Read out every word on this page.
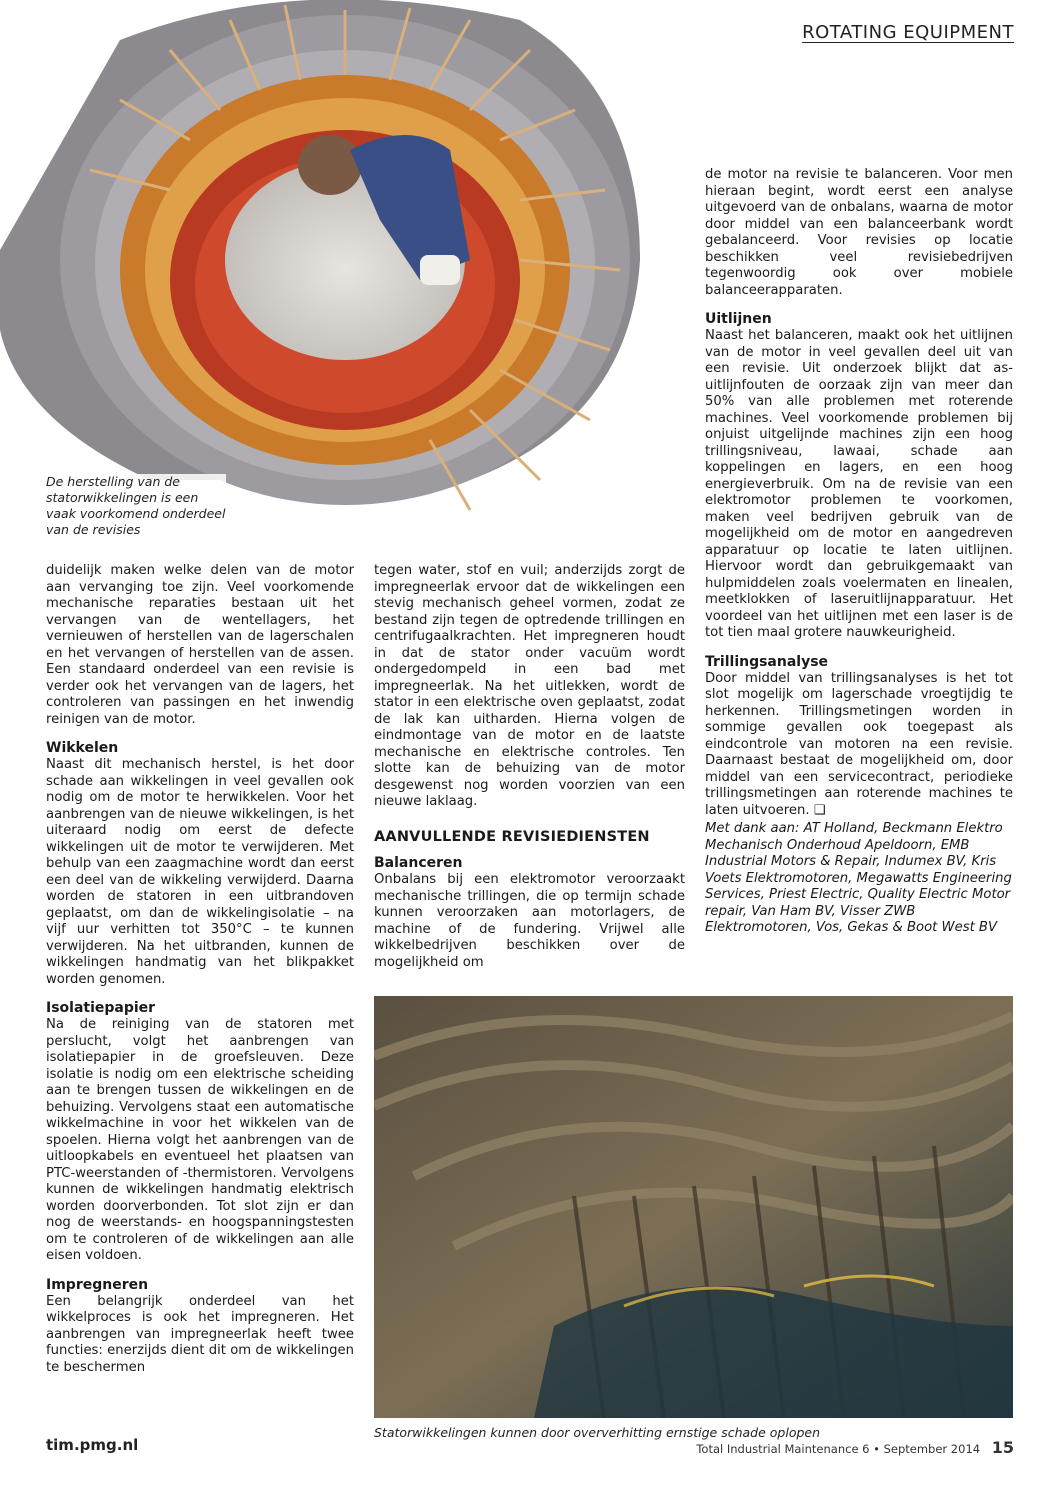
ROTATING EQUIPMENT
De herstelling van de statorwikkelingen is een vaak voorkomend onderdeel van de revisies

duidelijk maken welke delen van de motor aan vervanging toe zijn. Veel voorkomende mechanische reparaties bestaan uit het vervangen van de wentellagers, het vernieuwen of herstellen van de lagerschalen en het vervangen of herstellen van de assen. Een standaard onderdeel van een revisie is verder ook het vervangen van de lagers, het controleren van passingen en het inwendig reinigen van de motor.

Wikkelen

Naast dit mechanisch herstel, is het door schade aan wikkelingen in veel gevallen ook nodig om de motor te herwikkelen. Voor het aanbrengen van de nieuwe wikkelingen, is het uiteraard nodig om eerst de defecte wikkelingen uit de motor te verwijderen. Met behulp van een zaagmachine wordt dan eerst een deel van de wikkeling verwijderd. Daarna worden de statoren in een uitbrandoven geplaatst, om dan de wikkelingisolatie – na vijf uur verhitten tot 350°C – te kunnen verwijderen. Na het uitbranden, kunnen de wikkelingen handmatig van het blikpakket worden genomen.

Isolatiepapier

Na de reiniging van de statoren met perslucht, volgt het aanbrengen van isolatiepapier in de groefsleuven. Deze isolatie is nodig om een elektrische scheiding aan te brengen tussen de wikkelingen en de behuizing. Vervolgens staat een automatische wikkelmachine in voor het wikkelen van de spoelen. Hierna volgt het aanbrengen van de uitloopkabels en eventueel het plaatsen van PTC-weerstanden of -thermistoren. Vervolgens kunnen de wikkelingen handmatig elektrisch worden doorverbonden. Tot slot zijn er dan nog de weerstands- en hoogspanningstesten om te controleren of de wikkelingen aan alle eisen voldoen.

Impregneren

Een belangrijk onderdeel van het wikkelproces is ook het impregneren. Het aanbrengen van impregneerlak heeft twee functies: enerzijds dient dit om de wikkelingen te beschermen

tegen water, stof en vuil; anderzijds zorgt de impregneerlak ervoor dat de wikkelingen een stevig mechanisch geheel vormen, zodat ze bestand zijn tegen de optredende trillingen en centrifugaalkrachten. Het impregneren houdt in dat de stator onder vacuüm wordt ondergedompeld in een bad met impregneerlak. Na het uitlekken, wordt de stator in een elektrische oven geplaatst, zodat de lak kan uitharden. Hierna volgen de eindmontage van de motor en de laatste mechanische en elektrische controles. Ten slotte kan de behuizing van de motor desgewenst nog worden voorzien van een nieuwe laklaag.

AANVULLENDE REVISIEDIENSTEN
Balanceren

Onbalans bij een elektromotor veroorzaakt mechanische trillingen, die op termijn schade kunnen veroorzaken aan motorlagers, de machine of de fundering. Vrijwel alle wikkelbedrijven beschikken over de mogelijkheid om

de motor na revisie te balanceren. Voor men hieraan begint, wordt eerst een analyse uitgevoerd van de onbalans, waarna de motor door middel van een balanceerbank wordt gebalanceerd. Voor revisies op locatie beschikken veel revisiebedrijven tegenwoordig ook over mobiele balanceerapparaten.

Uitlijnen

Naast het balanceren, maakt ook het uitlijnen van de motor in veel gevallen deel uit van een revisie. Uit onderzoek blijkt dat as-uitlijnfouten de oorzaak zijn van meer dan 50% van alle problemen met roterende machines. Veel voorkomende problemen bij onjuist uitgelijnde machines zijn een hoog trillingsniveau, lawaai, schade aan koppelingen en lagers, en een hoog energieverbruik. Om na de revisie van een elektromotor problemen te voorkomen, maken veel bedrijven gebruik van de mogelijkheid om de motor en aangedreven apparatuur op locatie te laten uitlijnen. Hiervoor wordt dan gebruikgemaakt van hulpmiddelen zoals voelermaten en linealen, meetklokken of laseruitlijnapparatuur. Het voordeel van het uitlijnen met een laser is de tot tien maal grotere nauwkeurigheid.

Trillingsanalyse

Door middel van trillingsanalyses is het tot slot mogelijk om lagerschade vroegtijdig te herkennen. Trillingsmetingen worden in sommige gevallen ook toegepast als eindcontrole van motoren na een revisie. Daarnaast bestaat de mogelijkheid om, door middel van een servicecontract, periodieke trillingsmetingen aan roterende machines te laten uitvoeren. ❑

Met dank aan: AT Holland, Beckmann Elektro Mechanisch Onderhoud Apeldoorn, EMB Industrial Motors & Repair, Indumex BV, Kris Voets Elektromotoren, Megawatts Engineering Services, Priest Electric, Quality Electric Motor repair, Van Ham BV, Visser ZWB Elektromotoren, Vos, Gekas & Boot West BV

Statorwikkelingen kunnen door oververhitting ernstige schade oplopen
tim.pmg.nl	Total Industrial Maintenance 6 • September 2014 15
